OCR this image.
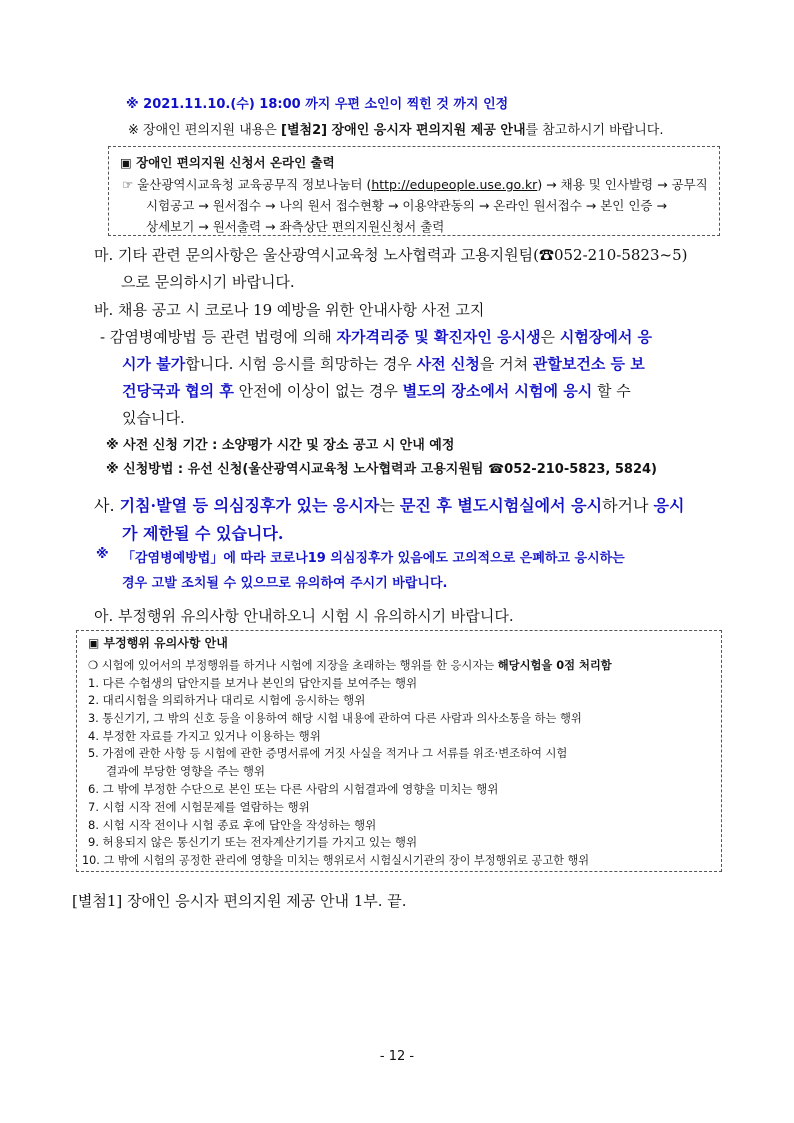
※ 2021.11.10.(수) 18:00 까지 우편 소인이 찍힌 것 까지 인정
※ 장애인 편의지원 내용은 [별첨2] 장애인 응시자 편의지원 제공 안내를 참고하시기 바랍니다.
▣ 장애인 편의지원 신청서 온라인 출력
☞ 울산광역시교육청 교육공무직 정보나눔터 (http://edupeople.use.go.kr) → 채용 및 인사발령 → 공무직
시험공고 → 원서접수 → 나의 원서 접수현황 → 이용약관동의 → 온라인 원서접수 → 본인 인증 →
상세보기 → 원서출력 → 좌측상단 편의지원신청서 출력
마. 기타 관련 문의사항은 울산광역시교육청 노사협력과 고용지원팀(☎052-210-5823~5)
으로 문의하시기 바랍니다.
바. 채용 공고 시 코로나 19 예방을 위한 안내사항 사전 고지
- 감염병예방법 등 관련 법령에 의해 자가격리중 및 확진자인 응시생은 시험장에서 응
시가 불가합니다. 시험 응시를 희망하는 경우 사전 신청을 거쳐 관할보건소 등 보
건당국과 협의 후 안전에 이상이 없는 경우 별도의 장소에서 시험에 응시 할 수
있습니다.
※ 사전 신청 기간 : 소양평가 시간 및 장소 공고 시 안내 예정
※ 신청방법 : 유선 신청(울산광역시교육청 노사협력과 고용지원팀 ☎052-210-5823, 5824)
사. 기침·발열 등 의심징후가 있는 응시자는 문진 후 별도시험실에서 응시하거나 응시
가 제한될 수 있습니다.
※ 「감염병예방법」에 따라 코로나19 의심징후가 있음에도 고의적으로 은폐하고 응시하는
경우 고발 조치될 수 있으므로 유의하여 주시기 바랍니다.
아. 부정행위 유의사항 안내하오니 시험 시 유의하시기 바랍니다.
▣ 부정행위 유의사항 안내
❍ 시험에 있어서의 부정행위를 하거나 시험에 지장을 초래하는 행위를 한 응시자는 해당시험을 0점 처리함
1. 다른 수험생의 답안지를 보거나 본인의 답안지를 보여주는 행위
2. 대리시험을 의뢰하거나 대리로 시험에 응시하는 행위
3. 통신기기, 그 밖의 신호 등을 이용하여 해당 시험 내용에 관하여 다른 사람과 의사소통을 하는 행위
4. 부정한 자료를 가지고 있거나 이용하는 행위
5. 가점에 관한 사항 등 시험에 관한 증명서류에 거짓 사실을 적거나 그 서류를 위조·변조하여 시험
결과에 부당한 영향을 주는 행위
6. 그 밖에 부정한 수단으로 본인 또는 다른 사람의 시험결과에 영향을 미치는 행위
7. 시험 시작 전에 시험문제를 열람하는 행위
8. 시험 시작 전이나 시험 종료 후에 답안을 작성하는 행위
9. 허용되지 않은 통신기기 또는 전자계산기기를 가지고 있는 행위
10. 그 밖에 시험의 공정한 관리에 영향을 미치는 행위로서 시험실시기관의 장이 부정행위로 공고한 행위
[별첨1] 장애인 응시자 편의지원 제공 안내 1부. 끝.
- 12 -
